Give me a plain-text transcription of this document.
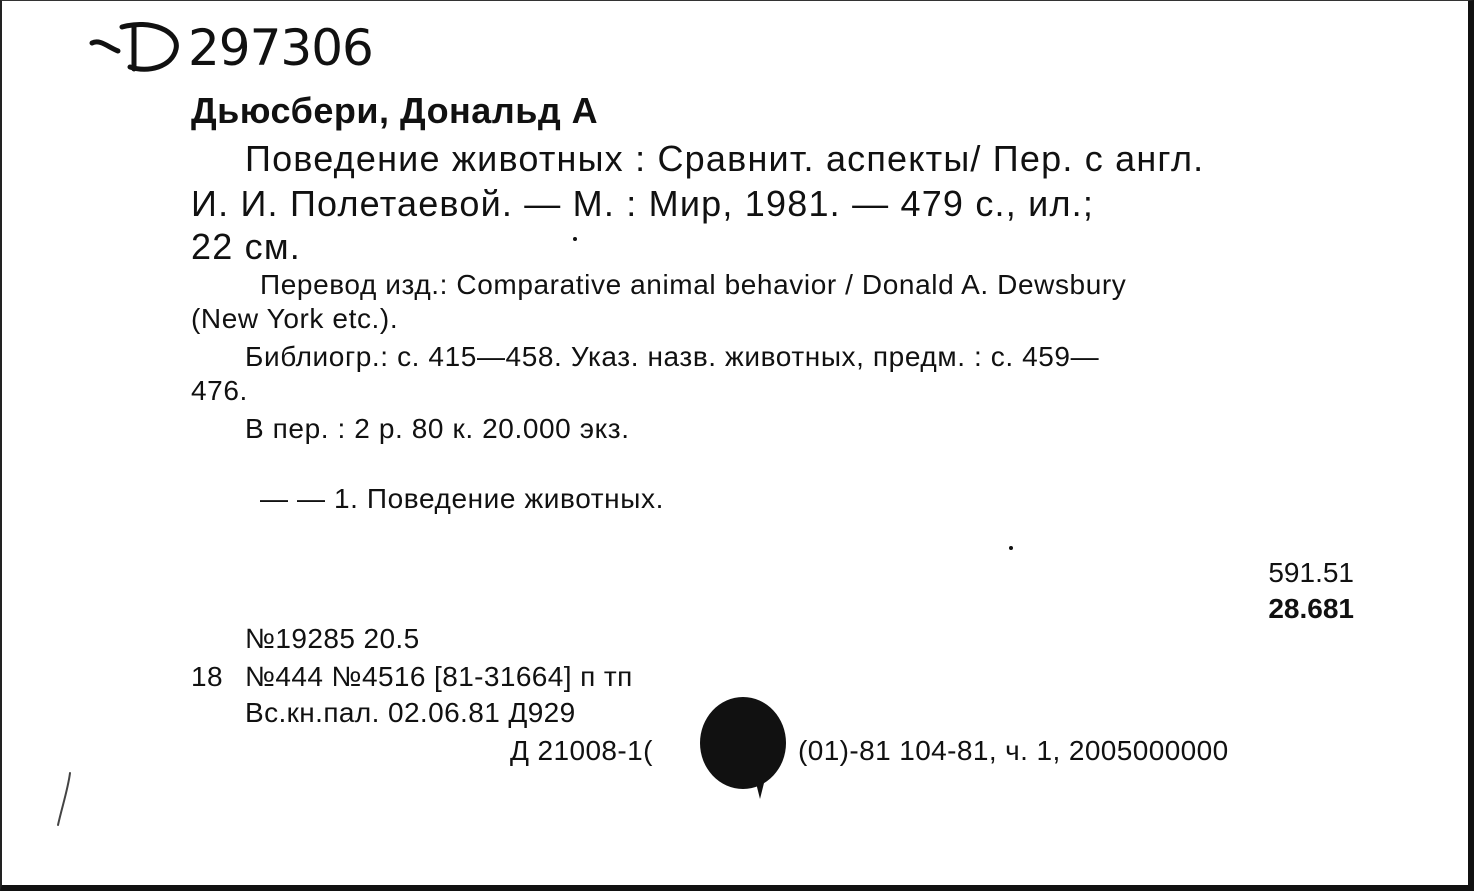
297306
Дьюсбери, Дональд А
Поведение животных : Сравнит. аспекты/ Пер. с англ.
И. И. Полетаевой. — М. : Мир, 1981. — 479 с., ил.;
22 см.
Перевод изд.: Comparative animal behavior / Donald A. Dewsbury
(New York etc.).
Библиогр.: с. 415—458. Указ. назв. животных, предм. : с. 459—
476.
В пер. : 2 р. 80 к. 20.000 экз.
— — 1. Поведение животных.
591.51
28.681
№19285 20.5
18 №444 №4516 [81-31664] п тп
Вс.кн.пал. 02.06.81 Д929
Д 21008-1(	(01)-81 104-81, ч. 1, 2005000000
